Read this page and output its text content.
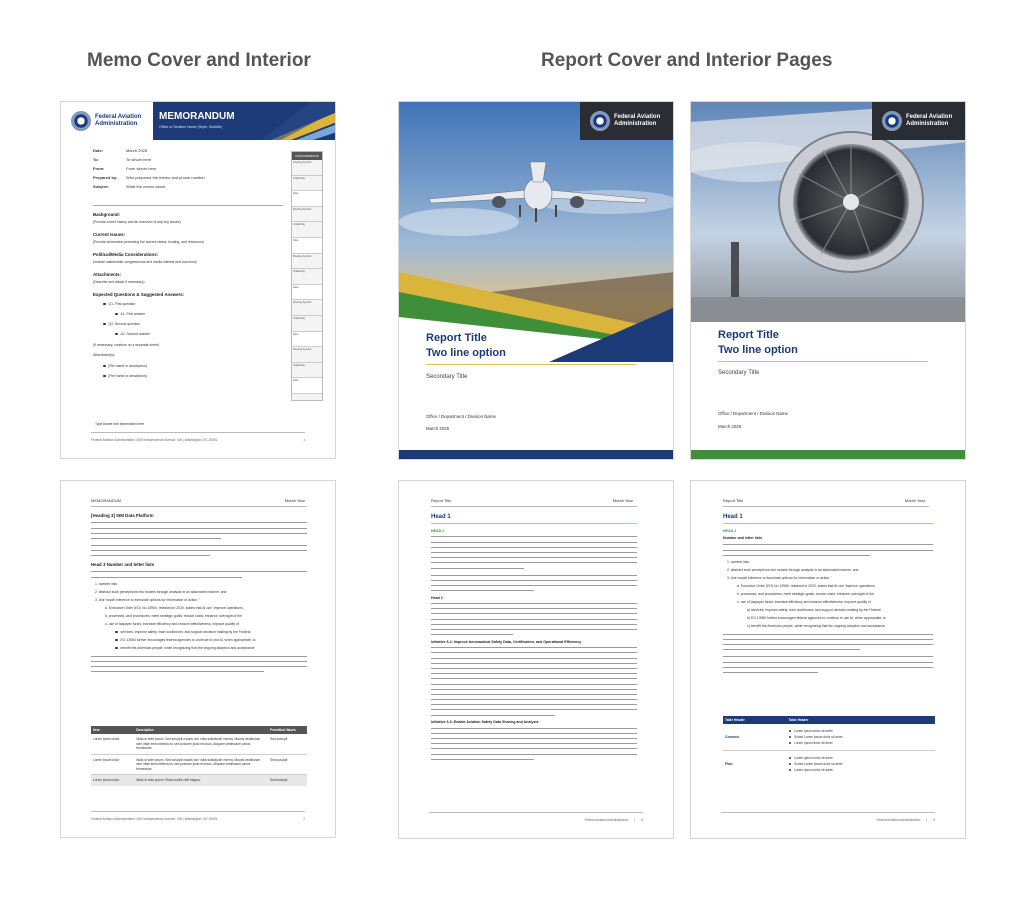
Memo Cover and Interior	Report Cover and Interior Pages
Federal Aviation
Administration
MEMORANDUM
Office or Division Name (Style: Subtitle)
Date:	March 2025
To:	To whom here
From:	From whom here
Prepared by:	Who prepared the memo and phone number
Subject:	What the memo about
Background:
(Provide a brief history and an overview of any key issues)
Current Issues:
(Provide information pertaining the current status, funding, and resources)
Political/Media Considerations:
(Include stakeholder congressional and media interest and concerns)
Attachments:
(Describe and attach if necessary)
Expected Questions & Suggested Answers:
Q1. First question
A1. First answer
Q2. Second question
A2. Second answer
(If necessary, continue on a separate sheet)
Attachment(s):
[File name or description]
[File name or description]
CONCURRENCE
Routing Symbol
Initials/Sig
Date
Routing Symbol
Initials/Sig
Date
Routing Symbol
Initials/Sig
Date
Routing Symbol
Initials/Sig
Date
Routing Symbol
Initials/Sig
Date
Type blame line information here
Federal Aviation Administration | 800 Independence Avenue, SW | Washington, DC 20591	1
Federal Aviation
Administration
Report Title
Two line option
Secondary Title
Office / Department / Division Name
March 2025
Federal Aviation
Administration
Report Title
Two line option
Secondary Title
Office / Department / Division Name
March 2025
MEMORANDUM	Month Year
[Heading 3] SIM Data Platform
Head 3 Number and letter lists
1. number lists
2. abstract such perceptions into models through analysis in an automated manner, and
3. Use model inference to formulate options for information or action."
a. Executive Order (EO) No 13960, released in 2020, states that AI can "improve operations,
b. processes, and procedures; meet strategic goals; reduce costs; enhance oversight of the
c. use of taxpayer funds; increase efficiency and mission effectiveness; improve quality of
services; improve safety; train workforces; and support decision making by the Federal
EO 13960 further encourages federal agencies to continue to use AI, when appropriate, to
benefit the American people, while recognizing that the ongoing adoption and acceptance
Item	Description	Permitted Values
Lorem ipsum dolor	Nulla ut ante ipsum. Sed suscipit mauris non nulla sollicitudin viverra. Mauris vestibulum sem vitae enim bibendum, sed posuere justo rhoncus. Aliquam vestibulum varius fermentum.	Sed suscipit
Lorem ipsum dolor	Nulla ut ante ipsum. Sed suscipit mauris non nulla sollicitudin viverra. Mauris vestibulum sem vitae enim bibendum, sed posuere justo rhoncus. Aliquam vestibulum varius fermentum.	Sed suscipit
Lorem ipsum dolor	Nulla ut ante ipsum. Etiam mollis velit magna.	Sed suscipit
Federal Aviation Administration | 800 Independence Avenue, SW | Washington, DC 20591	2
Report Title	Month Year
Head 1
HEAD 2
Head 2
Initiative 6.2: Improve Aeronautical Safety Data, Certification, and Operational Efficiency
Initiative 6.3: Enable Aviation Safety Data Sharing and Analysis
Federal Aviation Administration | 5
Report Title	Month Year
Head 1
HEAD 2
Number and letter lists
1. number lists
2. abstract such perceptions into models through analysis in an automated manner, and
3. Use model inference to formulate options for information or action."
a. Executive Order (EO) No 13960, released in 2020, states that AI can "improve operations,
b. processes, and procedures; meet strategic goals; reduce costs; enhance oversight of the
c. use of taxpayer funds; increase efficiency and mission effectiveness; improve quality of
a) services; improve safety; train workforces; and support decision making by the Federal
b) EO 13960 further encourages federal agencies to continue to use AI, when appropriate, to
c) benefit the American people, while recognizing that the ongoing adoption and acceptance
Table Header	Table Header
Connect	Lorem ipsum dolor sit amet
Sched Lorem ipsum dolor sit amet
Lorem ipsum dolor sit amet

Plan	Lorem ipsum dolor sit amet
Sched Lorem ipsum dolor sit amet
Lorem ipsum dolor sit amet
Federal Aviation Administration | 9
